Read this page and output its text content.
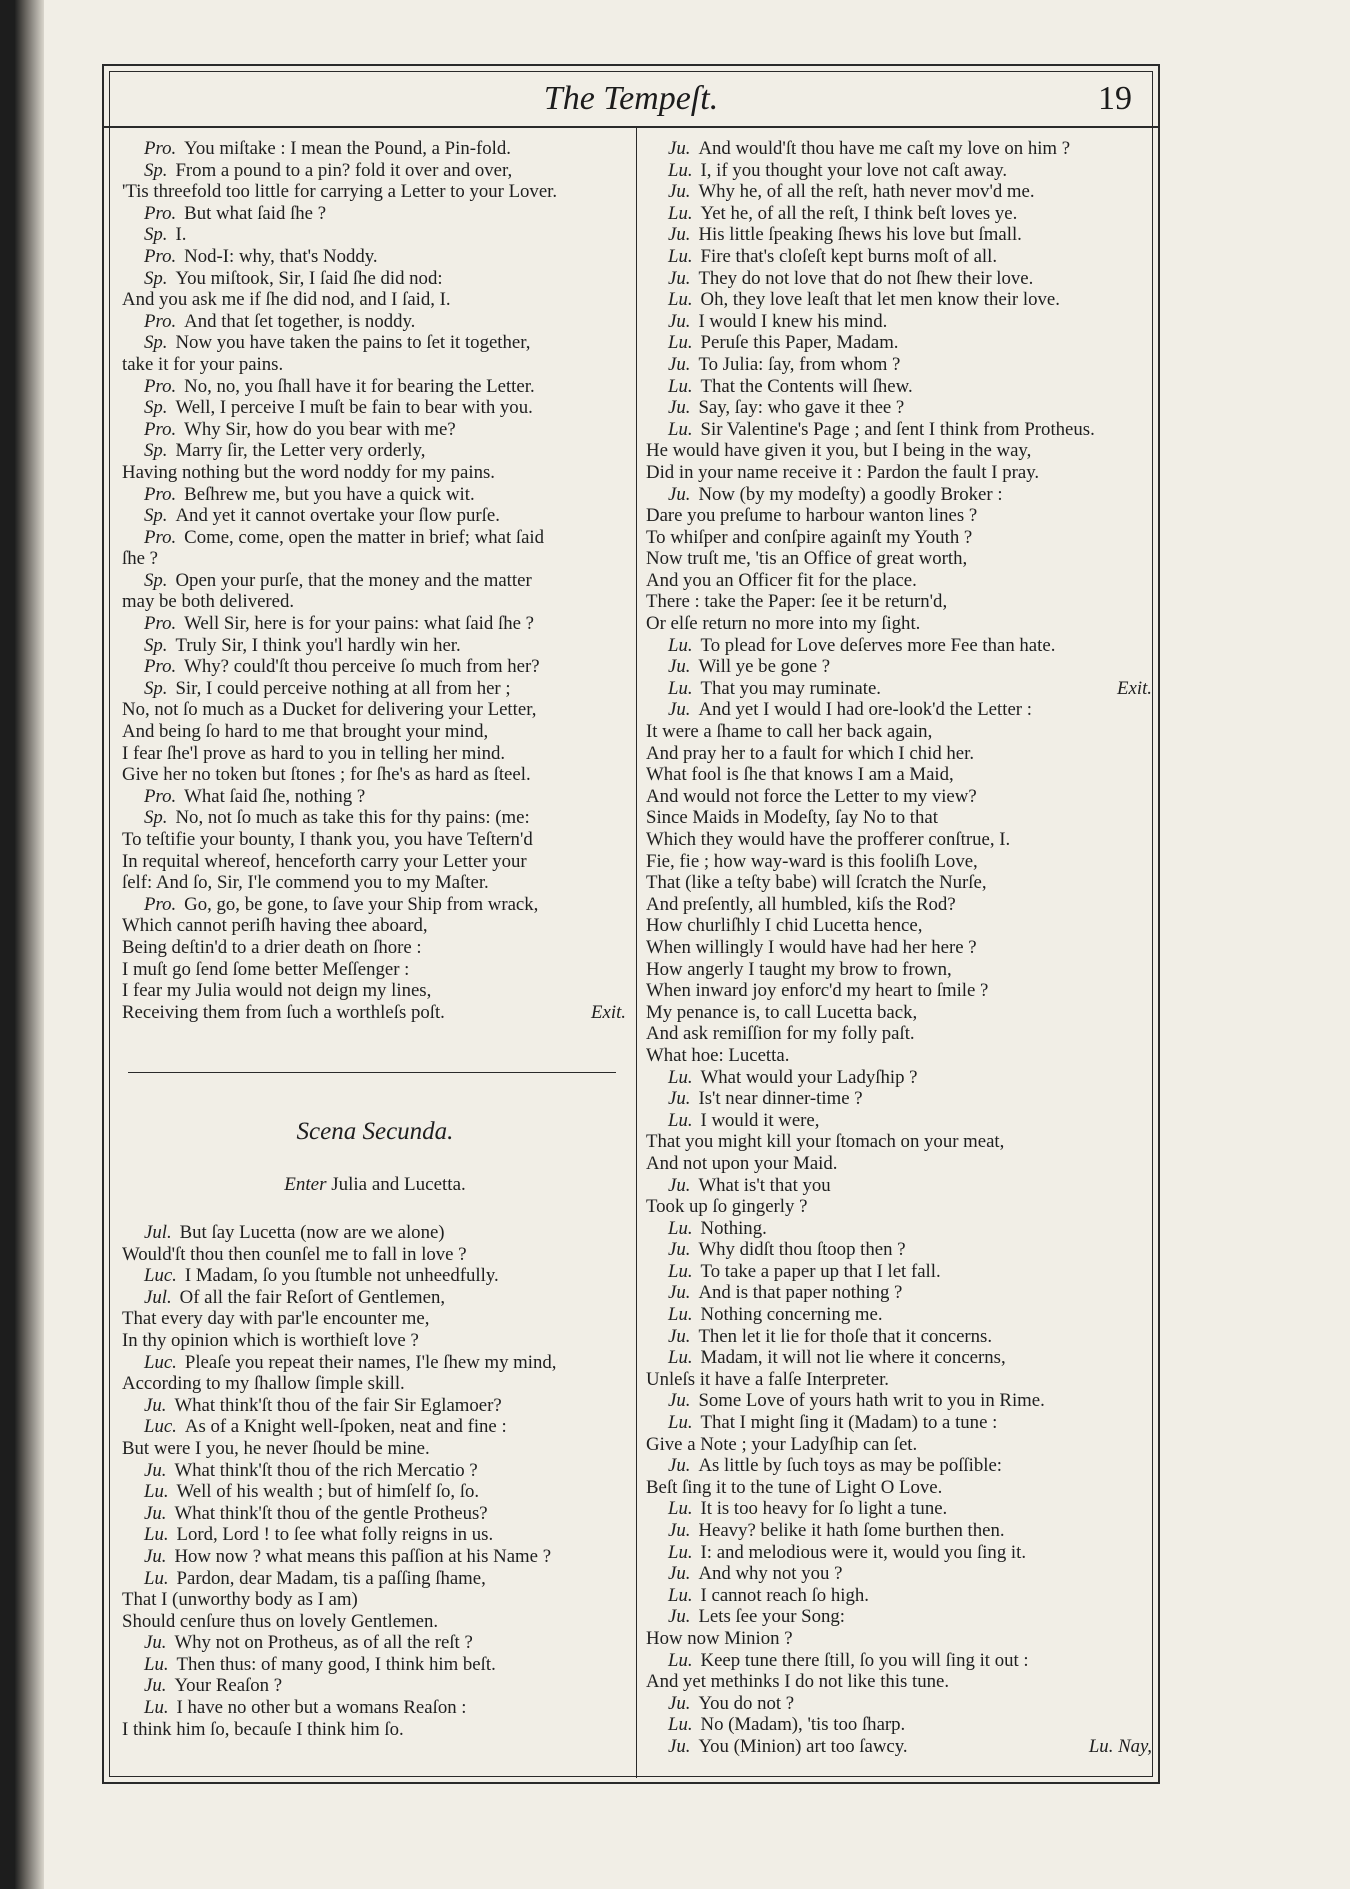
The Tempeſt.	19
Pro. You miſtake : I mean the Pound, a Pin-fold.
Sp. From a pound to a pin? fold it over and over,
'Tis threefold too little for carrying a Letter to your Lover.
Pro. But what ſaid ſhe ?
Sp. I.
Pro. Nod-I: why, that's Noddy.
Sp. You miſtook, Sir, I ſaid ſhe did nod:
And you ask me if ſhe did nod, and I ſaid, I.
Pro. And that ſet together, is noddy.
Sp. Now you have taken the pains to ſet it together,
take it for your pains.
Pro. No, no, you ſhall have it for bearing the Letter.
Sp. Well, I perceive I muſt be fain to bear with you.
Pro. Why Sir, how do you bear with me?
Sp. Marry ſir, the Letter very orderly,
Having nothing but the word noddy for my pains.
Pro. Beſhrew me, but you have a quick wit.
Sp. And yet it cannot overtake your ſlow purſe.
Pro. Come, come, open the matter in brief; what ſaid
ſhe ?
Sp. Open your purſe, that the money and the matter
may be both delivered.
Pro. Well Sir, here is for your pains: what ſaid ſhe ?
Sp. Truly Sir, I think you'l hardly win her.
Pro. Why? could'ſt thou perceive ſo much from her?
Sp. Sir, I could perceive nothing at all from her ;
No, not ſo much as a Ducket for delivering your Letter,
And being ſo hard to me that brought your mind,
I fear ſhe'l prove as hard to you in telling her mind.
Give her no token but ſtones ; for ſhe's as hard as ſteel.
Pro. What ſaid ſhe, nothing ?
Sp. No, not ſo much as take this for thy pains: (me:
To teſtifie your bounty, I thank you, you have Teſtern'd
In requital whereof, henceforth carry your Letter your
ſelf: And ſo, Sir, I'le commend you to my Maſter.
Pro. Go, go, be gone, to ſave your Ship from wrack,
Which cannot periſh having thee aboard,
Being deſtin'd to a drier death on ſhore :
I muſt go ſend ſome better Meſſenger :
I fear my Julia would not deign my lines,
Receiving them from ſuch a worthleſs poſt.	Exit.
Scena Secunda.
Enter Julia and Lucetta.
Jul. But ſay Lucetta (now are we alone)
Would'ſt thou then counſel me to fall in love ?
Luc. I Madam, ſo you ſtumble not unheedfully.
Jul. Of all the fair Reſort of Gentlemen,
That every day with par'le encounter me,
In thy opinion which is worthieſt love ?
Luc. Pleaſe you repeat their names, I'le ſhew my mind,
According to my ſhallow ſimple skill.
Ju. What think'ſt thou of the fair Sir Eglamoer?
Luc. As of a Knight well-ſpoken, neat and fine :
But were I you, he never ſhould be mine.
Ju. What think'ſt thou of the rich Mercatio ?
Lu. Well of his wealth ; but of himſelf ſo, ſo.
Ju. What think'ſt thou of the gentle Protheus?
Lu. Lord, Lord ! to ſee what folly reigns in us.
Ju. How now ? what means this paſſion at his Name ?
Lu. Pardon, dear Madam, tis a paſſing ſhame,
That I (unworthy body as I am)
Should cenſure thus on lovely Gentlemen.
Ju. Why not on Protheus, as of all the reſt ?
Lu. Then thus: of many good, I think him beſt.
Ju. Your Reaſon ?
Lu. I have no other but a womans Reaſon :
I think him ſo, becauſe I think him ſo.
Ju. And would'ſt thou have me caſt my love on him ?
Lu. I, if you thought your love not caſt away.
Ju. Why he, of all the reſt, hath never mov'd me.
Lu. Yet he, of all the reſt, I think beſt loves ye.
Ju. His little ſpeaking ſhews his love but ſmall.
Lu. Fire that's cloſeſt kept burns moſt of all.
Ju. They do not love that do not ſhew their love.
Lu. Oh, they love leaſt that let men know their love.
Ju. I would I knew his mind.
Lu. Peruſe this Paper, Madam.
Ju. To Julia: ſay, from whom ?
Lu. That the Contents will ſhew.
Ju. Say, ſay: who gave it thee ?
Lu. Sir Valentine's Page ; and ſent I think from Protheus.
He would have given it you, but I being in the way,
Did in your name receive it : Pardon the fault I pray.
Ju. Now (by my modeſty) a goodly Broker :
Dare you preſume to harbour wanton lines ?
To whiſper and conſpire againſt my Youth ?
Now truſt me, 'tis an Office of great worth,
And you an Officer fit for the place.
There : take the Paper: ſee it be return'd,
Or elſe return no more into my ſight.
Lu. To plead for Love deſerves more Fee than hate.
Ju. Will ye be gone ?
Lu. That you may ruminate.	Exit.
Ju. And yet I would I had ore-look'd the Letter :
It were a ſhame to call her back again,
And pray her to a fault for which I chid her.
What fool is ſhe that knows I am a Maid,
And would not force the Letter to my view?
Since Maids in Modeſty, ſay No to that
Which they would have the profferer conſtrue, I.
Fie, fie ; how way-ward is this fooliſh Love,
That (like a teſty babe) will ſcratch the Nurſe,
And preſently, all humbled, kiſs the Rod?
How churliſhly I chid Lucetta hence,
When willingly I would have had her here ?
How angerly I taught my brow to frown,
When inward joy enforc'd my heart to ſmile ?
My penance is, to call Lucetta back,
And ask remiſſion for my folly paſt.
What hoe: Lucetta.
Lu. What would your Ladyſhip ?
Ju. Is't near dinner-time ?
Lu. I would it were,
That you might kill your ſtomach on your meat,
And not upon your Maid.
Ju. What is't that you
Took up ſo gingerly ?
Lu. Nothing.
Ju. Why didſt thou ſtoop then ?
Lu. To take a paper up that I let fall.
Ju. And is that paper nothing ?
Lu. Nothing concerning me.
Ju. Then let it lie for thoſe that it concerns.
Lu. Madam, it will not lie where it concerns,
Unleſs it have a falſe Interpreter.
Ju. Some Love of yours hath writ to you in Rime.
Lu. That I might ſing it (Madam) to a tune :
Give a Note ; your Ladyſhip can ſet.
Ju. As little by ſuch toys as may be poſſible:
Beſt ſing it to the tune of Light O Love.
Lu. It is too heavy for ſo light a tune.
Ju. Heavy? belike it hath ſome burthen then.
Lu. I: and melodious were it, would you ſing it.
Ju. And why not you ?
Lu. I cannot reach ſo high.
Ju. Lets ſee your Song:
How now Minion ?
Lu. Keep tune there ſtill, ſo you will ſing it out :
And yet methinks I do not like this tune.
Ju. You do not ?
Lu. No (Madam), 'tis too ſharp.
Ju. You (Minion) art too ſawcy.	Lu. Nay,
